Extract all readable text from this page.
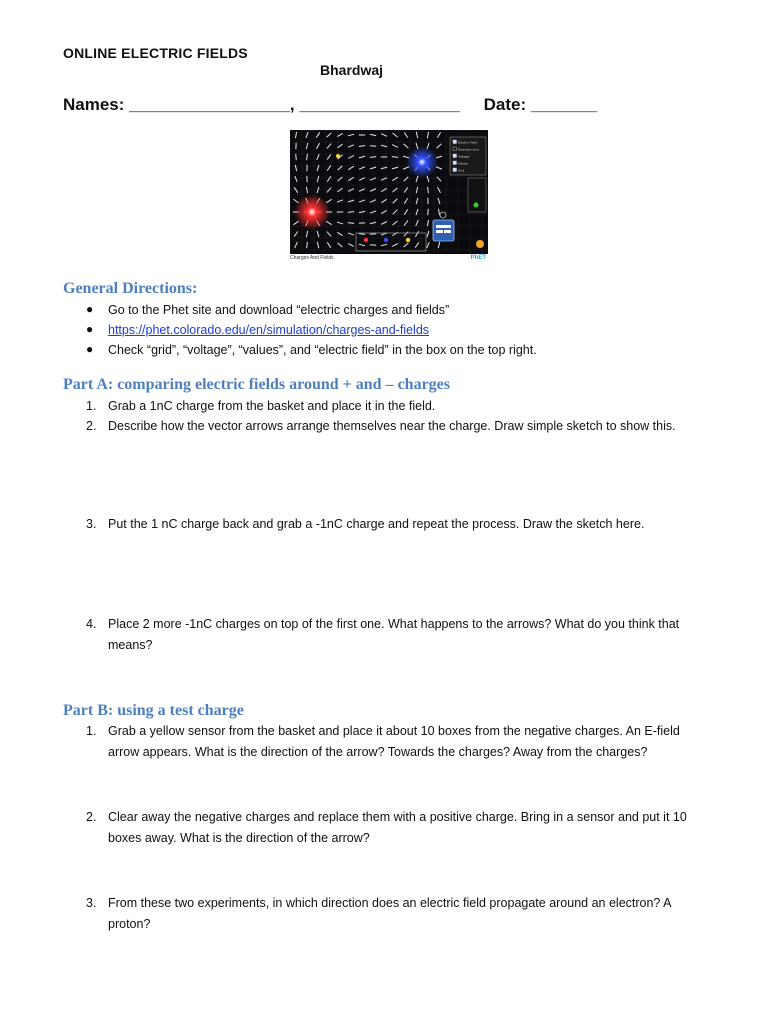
ONLINE ELECTRIC FIELDS
Bhardwaj
Names: _________________, _________________     Date: _______
Electric Field
Direction only
Voltage
Values
Grid
Charges And Fields	PhET
General Directions:
● Go to the Phet site and download “electric charges and fields”
● https://phet.colorado.edu/en/simulation/charges-and-fields
● Check “grid”, “voltage”, “values”, and “electric field” in the box on the top right.
Part A: comparing electric fields around + and – charges
1. Grab a 1nC charge from the basket and place it in the field.
2. Describe how the vector arrows arrange themselves near the charge. Draw simple sketch to show this.
3. Put the 1 nC charge back and grab a -1nC charge and repeat the process. Draw the sketch here.
4. Place 2 more -1nC charges on top of the first one. What happens to the arrows? What do you think that means?
Part B: using a test charge
1. Grab a yellow sensor from the basket and place it about 10 boxes from the negative charges. An E-field arrow appears. What is the direction of the arrow? Towards the charges? Away from the charges?
2. Clear away the negative charges and replace them with a positive charge. Bring in a sensor and put it 10 boxes away. What is the direction of the arrow?
3. From these two experiments, in which direction does an electric field propagate around an electron? A proton?
